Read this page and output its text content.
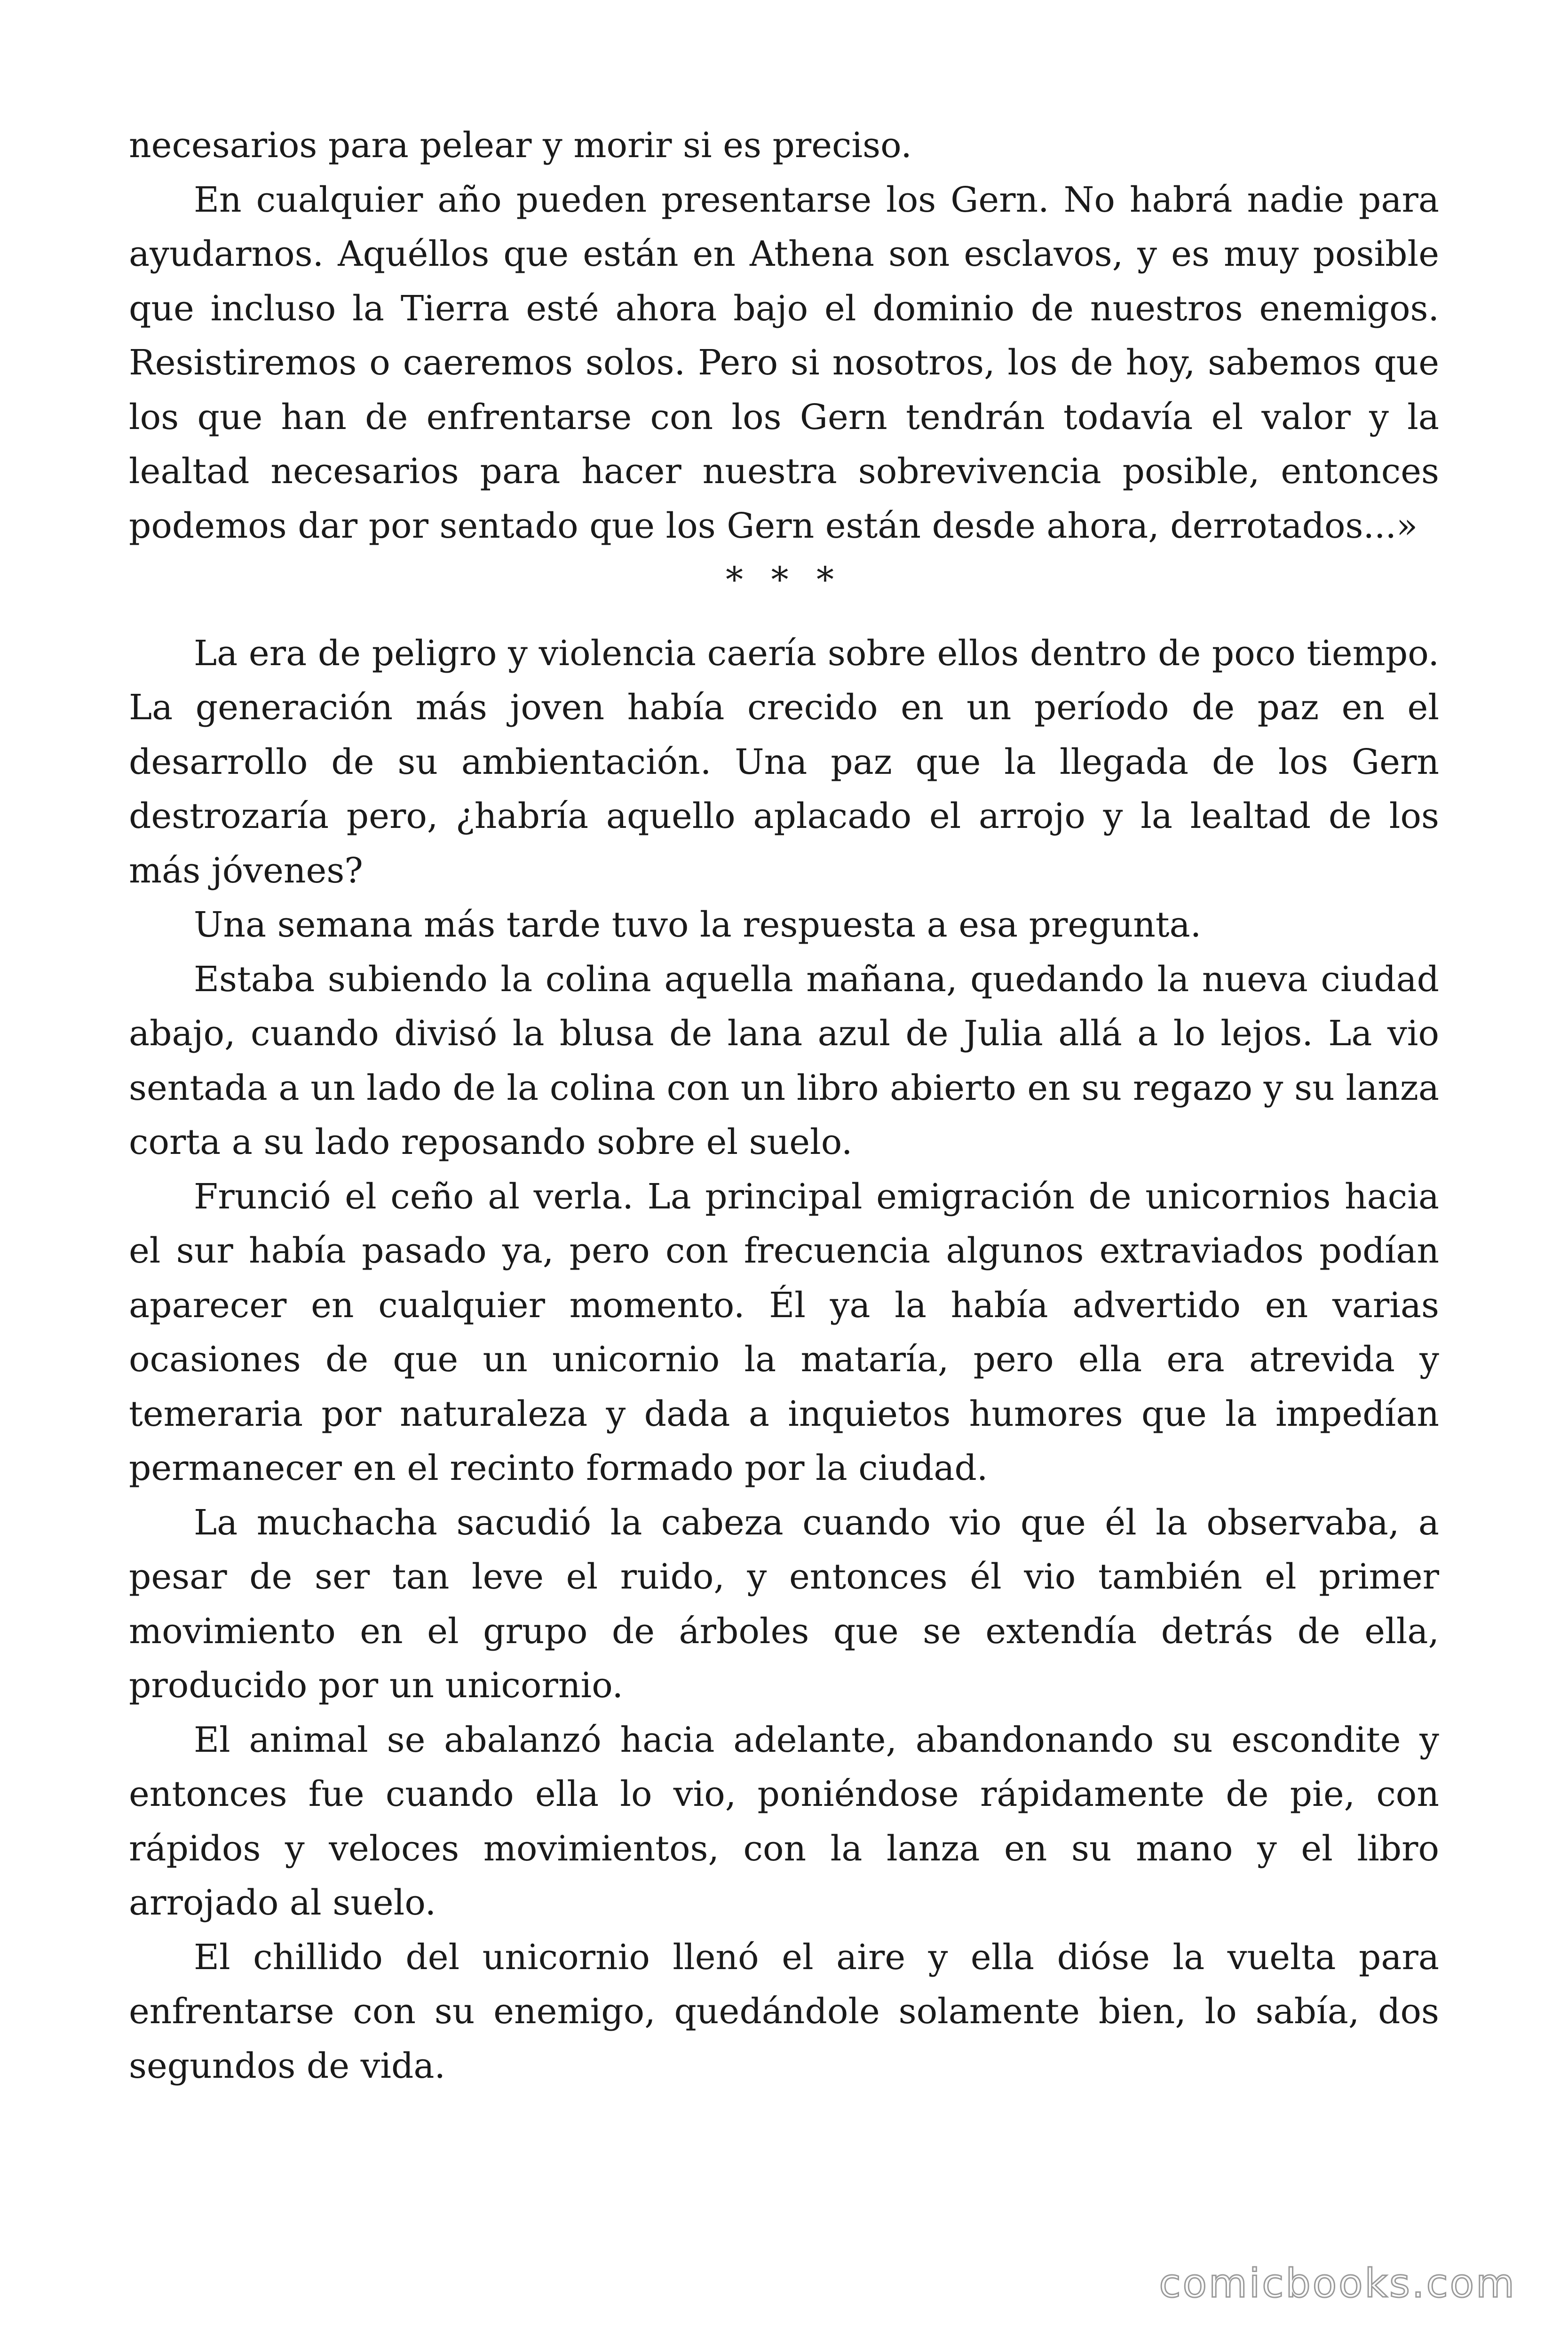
necesarios para pelear y morir si es preciso.

En cualquier año pueden presentarse los Gern. No habrá nadie para ayudarnos. Aquéllos que están en Athena son esclavos, y es muy posible que incluso la Tierra esté ahora bajo el dominio de nuestros enemigos. Resistiremos o caeremos solos. Pero si nosotros, los de hoy, sabemos que los que han de enfrentarse con los Gern tendrán todavía el valor y la lealtad necesarios para hacer nuestra sobrevivencia posible, entonces podemos dar por sentado que los Gern están desde ahora, derrotados...»

* * *

La era de peligro y violencia caería sobre ellos dentro de poco tiempo. La generación más joven había crecido en un período de paz en el desarrollo de su ambientación. Una paz que la llegada de los Gern destrozaría pero, ¿habría aquello aplacado el arrojo y la lealtad de los más jóvenes?

Una semana más tarde tuvo la respuesta a esa pregunta.

Estaba subiendo la colina aquella mañana, quedando la nueva ciudad abajo, cuando divisó la blusa de lana azul de Julia allá a lo lejos. La vio sentada a un lado de la colina con un libro abierto en su regazo y su lanza corta a su lado reposando sobre el suelo.

Frunció el ceño al verla. La principal emigración de unicornios hacia el sur había pasado ya, pero con frecuencia algunos extraviados podían aparecer en cualquier momento. Él ya la había advertido en varias ocasiones de que un unicornio la mataría, pero ella era atrevida y temeraria por naturaleza y dada a inquietos humores que la impedían permanecer en el recinto formado por la ciudad.

La muchacha sacudió la cabeza cuando vio que él la observaba, a pesar de ser tan leve el ruido, y entonces él vio también el primer movimiento en el grupo de árboles que se extendía detrás de ella, producido por un unicornio.

El animal se abalanzó hacia adelante, abandonando su escondite y entonces fue cuando ella lo vio, poniéndose rápidamente de pie, con rápidos y veloces movimientos, con la lanza en su mano y el libro arrojado al suelo.

El chillido del unicornio llenó el aire y ella dióse la vuelta para enfrentarse con su enemigo, quedándole solamente bien, lo sabía, dos segundos de vida.

comicbooks.com
